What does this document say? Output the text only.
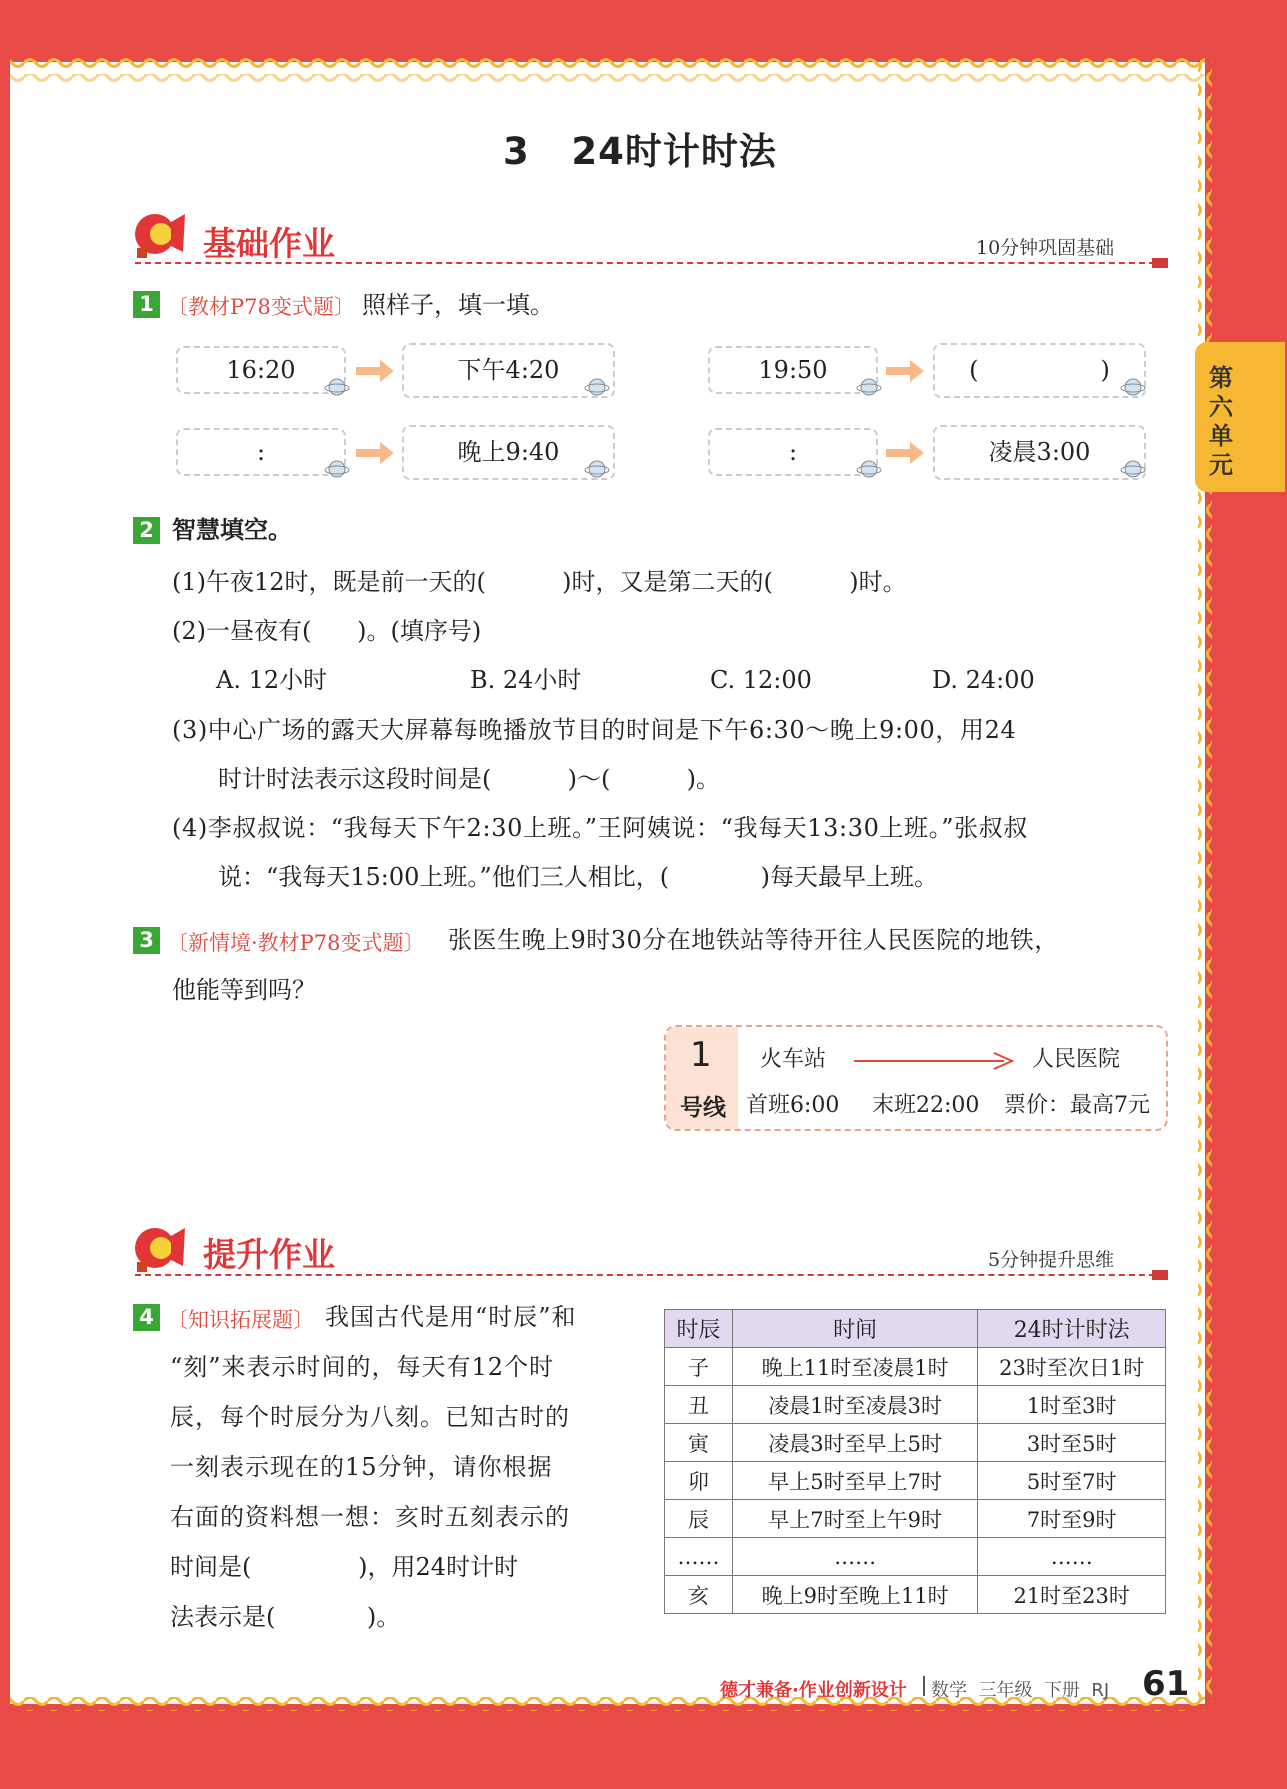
3   24时计时法
第六单元
基础作业	10分钟巩固基础
1 〔教材P78变式题〕 照样子，填一填。
16:20	下午4:20	19:50	(                )
:	晚上9:40	:	凌晨3:00
2 智慧填空。
(1)午夜12时，既是前一天的(          )时，又是第二天的(          )时。
(2)一昼夜有(      )。(填序号)
A. 12小时	B. 24小时	C. 12:00	D. 24:00
(3)中心广场的露天大屏幕每晚播放节目的时间是下午6:30～晚上9:00，用24
时计时法表示这段时间是(          )～(          )。
(4)李叔叔说：“我每天下午2:30上班。”王阿姨说：“我每天13:30上班。”张叔叔
说：“我每天15:00上班。”他们三人相比，(            )每天最早上班。
3 〔新情境·教材P78变式题〕 张医生晚上9时30分在地铁站等待开往人民医院的地铁，
他能等到吗？
1
号线
火车站	人民医院
首班6:00 末班22:00 票价：最高7元
提升作业	5分钟提升思维
4 〔知识拓展题〕 我国古代是用“时辰”和
“刻”来表示时间的，每天有12个时
辰，每个时辰分为八刻。已知古时的
一刻表示现在的15分钟，请你根据
右面的资料想一想：亥时五刻表示的
时间是(              )，用24时计时
法表示是(            )。
时辰	时间	24时计时法
子	晚上11时至凌晨1时	23时至次日1时
丑	凌晨1时至凌晨3时	1时至3时
寅	凌晨3时至早上5时	3时至5时
卯	早上5时至早上7时	5时至7时
辰	早上7时至上午9时	7时至9时
……	……	……
亥	晚上9时至晚上11时	21时至23时
德才兼备·作业创新设计 数学  三年级  下册  RJ 61
